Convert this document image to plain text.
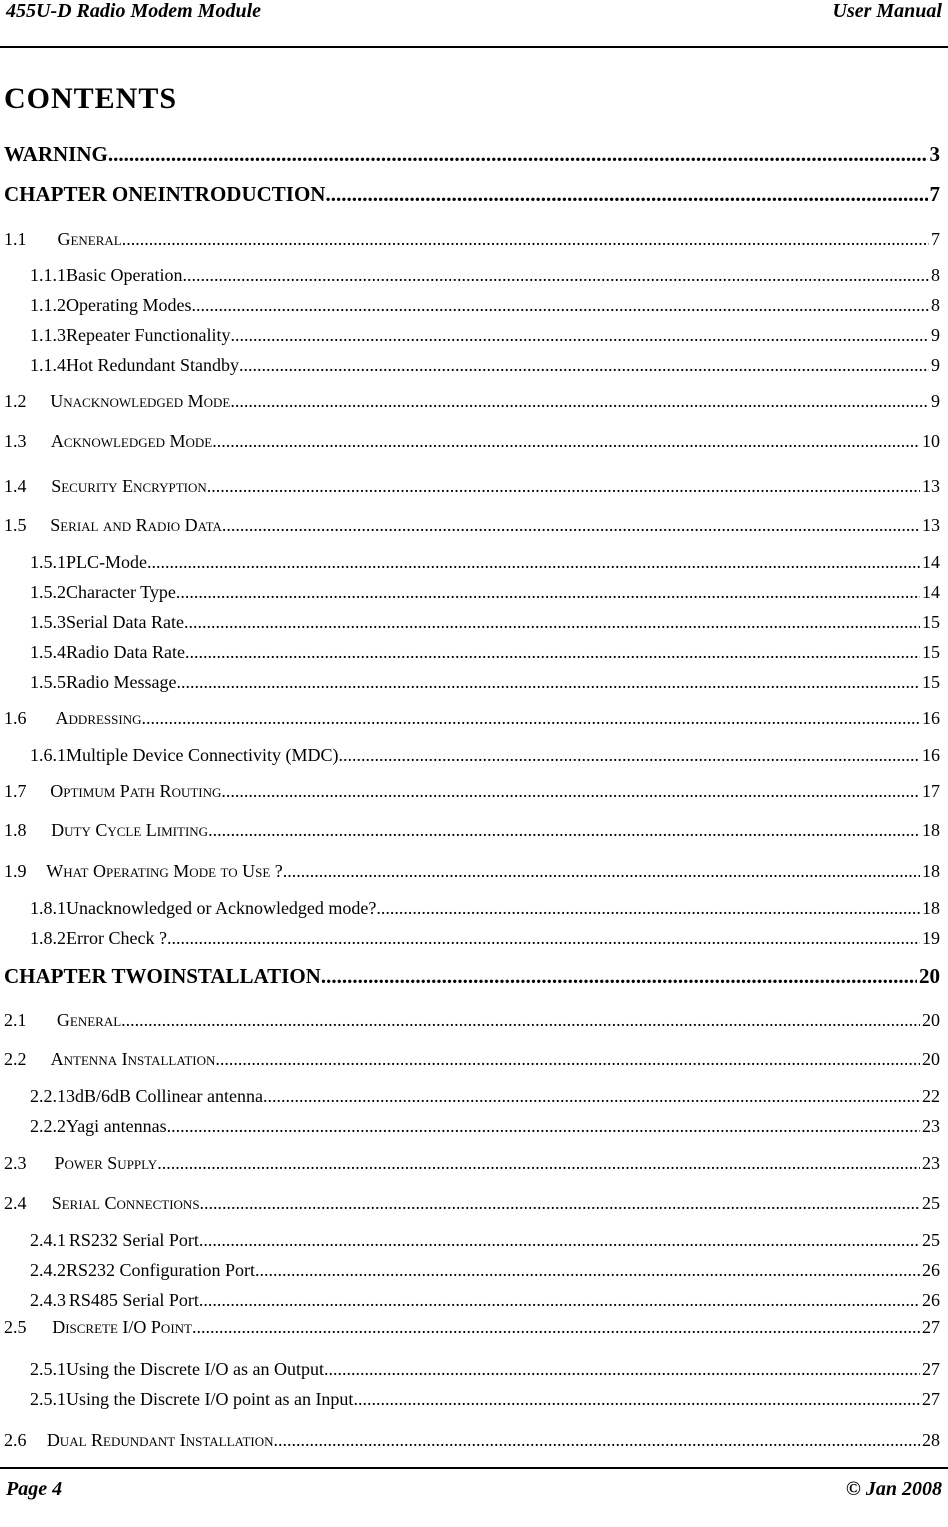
455U-D Radio Modem Module	User Manual
CONTENTS
WARNING .....	3
CHAPTER ONE INTRODUCTION .....	7
1.1	General .....	7
1.1.1 Basic Operation .....	8
1.1.2 Operating Modes .....	8
1.1.3 Repeater Functionality .....	9
1.1.4 Hot Redundant Standby .....	9
1.2	Unacknowledged Mode .....	9
1.3	Acknowledged Mode .....	10
1.4	Security Encryption .....	13
1.5	Serial and Radio Data .....	13
1.5.1 PLC-Mode .....	14
1.5.2 Character Type .....	14
1.5.3 Serial Data Rate .....	15
1.5.4 Radio Data Rate .....	15
1.5.5 Radio Message .....	15
1.6	Addressing .....	16
1.6.1 Multiple Device Connectivity (MDC) .....	16
1.7	Optimum Path Routing .....	17
1.8	Duty Cycle Limiting .....	18
1.9	What Operating Mode to Use ? .....	18
1.8.1 Unacknowledged or Acknowledged mode? .....	18
1.8.2 Error Check ? .....	19
CHAPTER TWO INSTALLATION .....	20
2.1	General .....	20
2.2	Antenna Installation .....	20
2.2.1 3dB/6dB Collinear antenna. .....	22
2.2.2 Yagi antennas. .....	23
2.3	Power Supply .....	23
2.4	Serial Connections .....	25
2.4.1 RS232 Serial Port .....	25
2.4.2 RS232 Configuration Port .....	26
2.4.3 RS485 Serial Port .....	26
2.5	Discrete I/O Point .....	27
2.5.1 Using the Discrete I/O as an Output .....	27
2.5.1 Using the Discrete I/O point as an Input .....	27
2.6	Dual Redundant Installation .....	28
Page 4	© Jan 2008
